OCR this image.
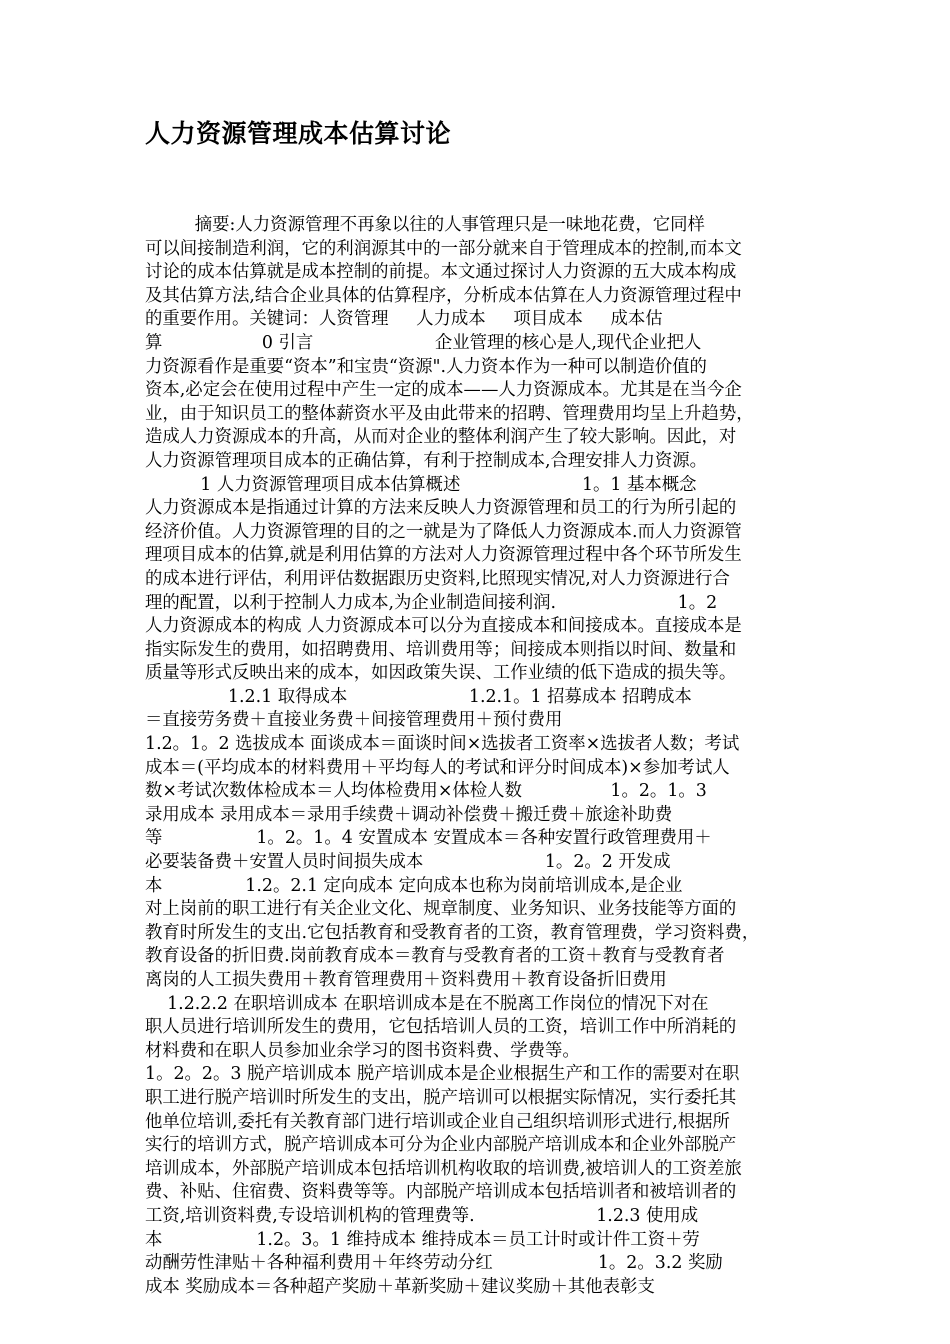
人力资源管理成本估算讨论
摘要:人力资源管理不再象以往的人事管理只是一味地花费，它同样
可以间接制造利润，它的利润源其中的一部分就来自于管理成本的控制,而本文
讨论的成本估算就是成本控制的前提。本文通过探讨人力资源的五大成本构成
及其估算方法,结合企业具体的估算程序，分析成本估算在人力资源管理过程中
的重要作用。关键词：人资管理     人力成本     项目成本     成本估
算                  0 引言                      企业管理的核心是人,现代企业把人
力资源看作是重要“资本”和宝贵“资源".人力资本作为一种可以制造价值的
资本,必定会在使用过程中产生一定的成本——人力资源成本。尤其是在当今企
业，由于知识员工的整体薪资水平及由此带来的招聘、管理费用均呈上升趋势，
造成人力资源成本的升高，从而对企业的整体利润产生了较大影响。因此，对
人力资源管理项目成本的正确估算，有利于控制成本,合理安排人力资源。
1 人力资源管理项目成本估算概述                      1。1 基本概念
人力资源成本是指通过计算的方法来反映人力资源管理和员工的行为所引起的
经济价值。人力资源管理的目的之一就是为了降低人力资源成本.而人力资源管
理项目成本的估算,就是利用估算的方法对人力资源管理过程中各个环节所发生
的成本进行评估，利用评估数据跟历史资料,比照现实情况,对人力资源进行合
理的配置，以利于控制人力成本,为企业制造间接利润.                      1。2
人力资源成本的构成 人力资源成本可以分为直接成本和间接成本。直接成本是
指实际发生的费用，如招聘费用、培训费用等；间接成本则指以时间、数量和
质量等形式反映出来的成本，如因政策失误、工作业绩的低下造成的损失等。
1.2.1 取得成本                      1.2.1。1 招募成本 招聘成本
＝直接劳务费＋直接业务费＋间接管理费用＋预付费用
1.2。1。2 选拔成本 面谈成本＝面谈时间×选拔者工资率×选拔者人数；考试
成本＝(平均成本的材料费用＋平均每人的考试和评分时间成本)×参加考试人
数×考试次数体检成本＝人均体检费用×体检人数                1。2。1。3
录用成本 录用成本＝录用手续费＋调动补偿费＋搬迁费＋旅途补助费
等                 1。2。1。4 安置成本 安置成本＝各种安置行政管理费用＋
必要装备费＋安置人员时间损失成本                      1。2。2 开发成
本               1.2。2.1 定向成本 定向成本也称为岗前培训成本,是企业
对上岗前的职工进行有关企业文化、规章制度、业务知识、业务技能等方面的
教育时所发生的支出.它包括教育和受教育者的工资，教育管理费，学习资料费，
教育设备的折旧费.岗前教育成本＝教育与受教育者的工资＋教育与受教育者
离岗的人工损失费用＋教育管理费用＋资料费用＋教育设备折旧费用
1.2.2.2 在职培训成本 在职培训成本是在不脱离工作岗位的情况下对在
职人员进行培训所发生的费用，它包括培训人员的工资，培训工作中所消耗的
材料费和在职人员参加业余学习的图书资料费、学费等。
1。2。2。3 脱产培训成本 脱产培训成本是企业根据生产和工作的需要对在职
职工进行脱产培训时所发生的支出，脱产培训可以根据实际情况，实行委托其
他单位培训,委托有关教育部门进行培训或企业自己组织培训形式进行,根据所
实行的培训方式，脱产培训成本可分为企业内部脱产培训成本和企业外部脱产
培训成本，外部脱产培训成本包括培训机构收取的培训费,被培训人的工资差旅
费、补贴、住宿费、资料费等等。内部脱产培训成本包括培训者和被培训者的
工资,培训资料费,专设培训机构的管理费等.                      1.2.3 使用成
本                 1.2。3。1 维持成本 维持成本＝员工计时或计件工资＋劳
动酬劳性津贴＋各种福利费用＋年终劳动分红                   1。2。3.2 奖励
成本 奖励成本＝各种超产奖励＋革新奖励＋建议奖励＋其他表彰支
